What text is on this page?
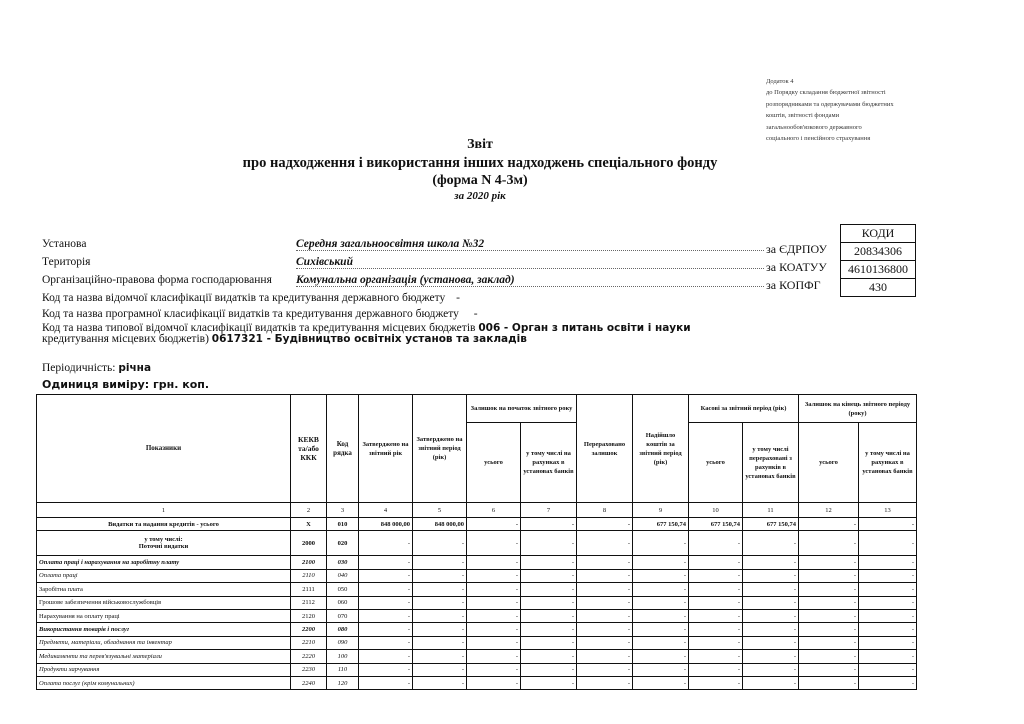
Додаток 4
до Порядку складання бюджетної звітності
розпорядниками та одержувачами бюджетних
коштів, звітності фондами
загальнообов'язкового державного
соціального і пенсійного страхування
Звіт
про надходження і використання інших надходжень спеціального фонду
(форма N 4-3м)
за 2020 рік
Установа	Середня загальноосвітня школа №32
Територія	Сихівський
Організаційно-правова форма господарювання Комунальна організація (установа, заклад)
за ЄДРПОУ
за КОАТУУ
за КОПФГ
КОДИ
20834306
4610136800
430
Код та назва відомчої класифікації видатків та кредитування державного бюджету -
Код та назва програмної класифікації видатків та кредитування державного бюджету -
Код та назва типової відомчої класифікації видатків та кредитування місцевих бюджетів 006 - Орган з питань освіти і науки
кредитування місцевих бюджетів) 0617321 - Будівництво освітніх установ та закладів
Періодичність: річна
Одиниця виміру: грн. коп.
Показники	КЕКВ та/або ККК	Код рядка	Затверджено на звітний рік	Затверджено на звітний період (рік)	Залишок на початок звітного року		Перераховано залишок	Надійшло коштів за звітний період (рік)	Касові за звітний період (рік)		Залишок на кінець звітного періоду (року)	
					усього	у тому числі на рахунках в установах банків			усього	у тому числі перераховані з рахунків в установах банків	усього	у тому числі на рахунках в установах банків
1	2	3	4	5	6	7	8	9	10	11	12	13
Видатки та надання кредитів - усього	X	010	848 000,00	848 000,00	-	-	-	677 150,74	677 150,74	677 150,74	-	-

у тому числі:
Поточні видатки	2000	020	-	-	-	-	-	-	-	-	-	-
Оплата праці і нарахування на заробітну плату	2100	030	-	-	-	-	-	-	-	-	-	-
Оплата праці	2110	040	-	-	-	-	-	-	-	-	-	-
Заробітна плата	2111	050	-	-	-	-	-	-	-	-	-	-
Грошове забезпечення військовослужбовців	2112	060	-	-	-	-	-	-	-	-	-	-
Нарахування на оплату праці	2120	070	-	-	-	-	-	-	-	-	-	-
Використання товарів і послуг	2200	080	-	-	-	-	-	-	-	-	-	-
Предмети, матеріали, обладнання та інвентар	2210	090	-	-	-	-	-	-	-	-	-	-
Медикаменти та перев'язувальні матеріали	2220	100	-	-	-	-	-	-	-	-	-	-
Продукти харчування	2230	110	-	-	-	-	-	-	-	-	-	-
Оплата послуг (крім комунальних)	2240	120	-	-	-	-	-	-	-	-	-	-
